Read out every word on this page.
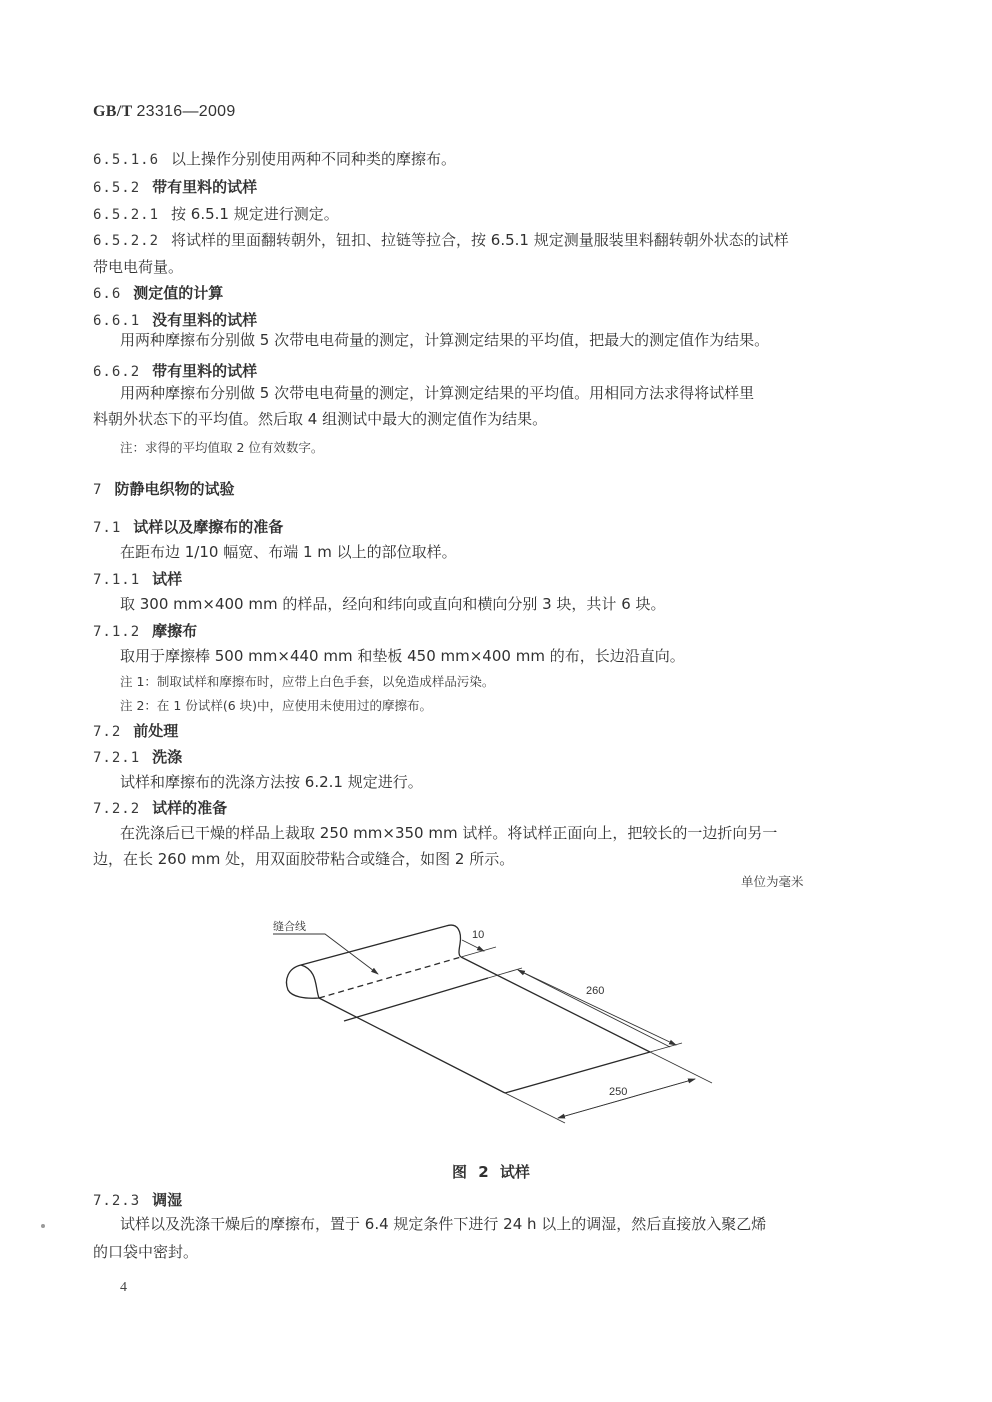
GB/T 23316—2009
6.5.1.6 以上操作分别使用两种不同种类的摩擦布。
6.5.2 带有里料的试样
6.5.2.1 按 6.5.1 规定进行测定。
6.5.2.2 将试样的里面翻转朝外，钮扣、拉链等拉合，按 6.5.1 规定测量服装里料翻转朝外状态的试样
带电电荷量。
6.6 测定值的计算
6.6.1 没有里料的试样
用两种摩擦布分别做 5 次带电电荷量的测定，计算测定结果的平均值，把最大的测定值作为结果。
6.6.2 带有里料的试样
用两种摩擦布分别做 5 次带电电荷量的测定，计算测定结果的平均值。用相同方法求得将试样里
料朝外状态下的平均值。然后取 4 组测试中最大的测定值作为结果。
注：求得的平均值取 2 位有效数字。
7 防静电织物的试验
7.1 试样以及摩擦布的准备
在距布边 1/10 幅宽、布端 1 m 以上的部位取样。
7.1.1 试样
取 300 mm×400 mm 的样品，经向和纬向或直向和横向分别 3 块，共计 6 块。
7.1.2 摩擦布
取用于摩擦棒 500 mm×440 mm 和垫板 450 mm×400 mm 的布，长边沿直向。
注 1：制取试样和摩擦布时，应带上白色手套，以免造成样品污染。
注 2：在 1 份试样(6 块)中，应使用未使用过的摩擦布。
7.2 前处理
7.2.1 洗涤
试样和摩擦布的洗涤方法按 6.2.1 规定进行。
7.2.2 试样的准备
在洗涤后已干燥的样品上裁取 250 mm×350 mm 试样。将试样正面向上，把较长的一边折向另一
边，在长 260 mm 处，用双面胶带粘合或缝合，如图 2 所示。
单位为毫米
缝合线
10
260
250
图 2 试样
7.2.3 调湿
试样以及洗涤干燥后的摩擦布，置于 6.4 规定条件下进行 24 h 以上的调湿，然后直接放入聚乙烯
的口袋中密封。
4
